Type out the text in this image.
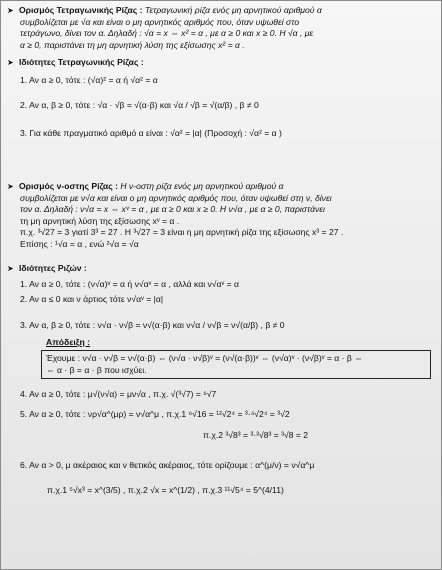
➤ Ορισμός Τετραγωνικής Ρίζας : Τετραγωνική ρίζα ενός μη αρνητικού αριθμού α
συμβολίζεται με √α και είναι ο μη αρνητικός αριθμός που, όταν υψωθεί στο
τετράγωνο, δίνει τον α. Δηλαδή : √α = x ⇔ x² = α , με α ≥ 0 και x ≥ 0. Η √α , με
α ≥ 0, παριστάνει τη μη αρνητική λύση της εξίσωσης x² = α .
➤ Ιδιότητες Τετραγωνικής Ρίζας :
1. Αν α ≥ 0, τότε : (√α)² = α ή √α² = α
2. Αν α, β ≥ 0, τότε : √α · √β = √(α·β) και √α / √β = √(α/β) , β ≠ 0
3. Για κάθε πραγματικό αριθμό α είναι : √α² = |α| (Προσοχή : √α² = α )
➤ Ορισμός ν-οστης Ρίζας : Η ν-οστη ρίζα ενός μη αρνητικού αριθμού α
συμβολίζεται με ν√α και είναι ο μη αρνητικός αριθμός που, όταν υψωθεί στη ν, δίνει
τον α. Δηλαδή : ν√α = x ⇔ xᵛ = α , με α ≥ 0 και x ≥ 0. Η ν√α , με α ≥ 0, παριστάνει
τη μη αρνητική λύση της εξίσωσης xᵛ = α .
π.χ. ³√27 = 3 γιατί 3³ = 27 . Η ³√27 = 3 είναι η μη αρνητική ρίζα της εξίσωσης x³ = 27 .
Επίσης : ¹√α = α , ενώ ²√α = √α
➤ Ιδιότητες Ριζών :
1. Αν α ≥ 0, τότε : (ν√α)ᵛ = α ή ν√αᵛ = α , αλλά και ν√αᵛ = α
2. Αν α ≤ 0 και ν άρτιος τότε ν√αᵛ = |α|
3. Αν α, β ≥ 0, τότε : ν√α · ν√β = ν√(α·β) και ν√α / ν√β = ν√(α/β) , β ≠ 0
Απόδειξη :
Έχουμε : ν√α · ν√β = ν√(α·β) ⇔ (ν√α · ν√β)ᵛ = (ν√(α·β))ᵛ ⇔ (ν√α)ᵛ · (ν√β)ᵛ = α · β ⇔
⇔ α · β = α · β που ισχύει.
4. Αν α ≥ 0, τότε : μ√(ν√α) = μν√α , π.χ. √(³√7) = ⁶√7
5. Αν α ≥ 0, τότε : νρ√α^(μρ) = ν√α^μ , π.χ.1 ⁶√16 = ¹²√2⁴ = ³·⁴√2⁴ = ³√2
π.χ.2 ³√8³ = ³·³√8³ = ³√8 = 2
6. Αν α > 0, μ ακέραιος και ν θετικός ακέραιος, τότε ορίζουμε : α^(μ/ν) = ν√α^μ
π.χ.1 ⁵√x³ = x^(3/5) , π.χ.2 √x = x^(1/2) , π.χ.3 ¹¹√5⁴ = 5^(4/11)
